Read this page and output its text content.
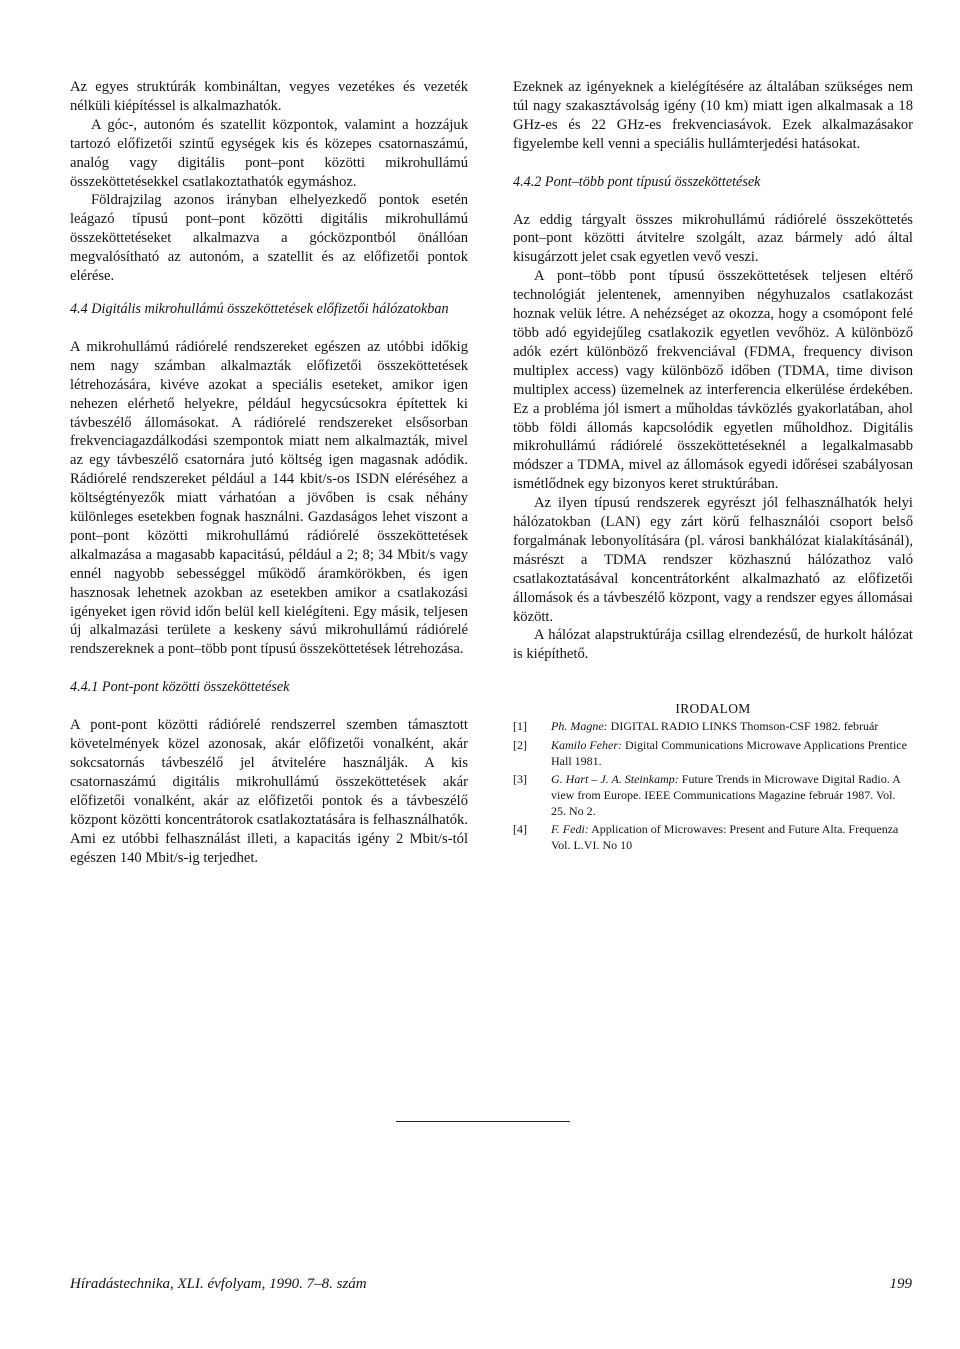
Az egyes struktúrák kombináltan, vegyes vezetékes és vezeték nélküli kiépítéssel is alkalmazhatók.

A góc-, autonóm és szatellit központok, valamint a hozzájuk tartozó előfizetői szintű egységek kis és közepes csatornaszámú, analóg vagy digitális pont–pont közötti mikrohullámú összeköttetésekkel csatlakoztathatók egymáshoz.

Földrajzilag azonos irányban elhelyezkedő pontok esetén leágazó típusú pont–pont közötti digitális mikrohullámú összeköttetéseket alkalmazva a gócközpontból önállóan megvalósítható az autonóm, a szatellit és az előfizetői pontok elérése.

4.4 Digitális mikrohullámú összeköttetések előfizetői hálózatokban

A mikrohullámú rádiórelé rendszereket egészen az utóbbi időkig nem nagy számban alkalmazták előfizetői összeköttetések létrehozására, kivéve azokat a speciális eseteket, amikor igen nehezen elérhető helyekre, például hegycsúcsokra építettek ki távbeszélő állomásokat. A rádiórelé rendszereket elsősorban frekvenciagazdálkodási szempontok miatt nem alkalmazták, mivel az egy távbeszélő csatornára jutó költség igen magasnak adódik. Rádiórelé rendszereket például a 144 kbit/s-os ISDN eléréséhez a költségtényezők miatt várhatóan a jövőben is csak néhány különleges esetekben fognak használni. Gazdaságos lehet viszont a pont–pont közötti mikrohullámú rádiórelé összeköttetések alkalmazása a magasabb kapacitású, például a 2; 8; 34 Mbit/s vagy ennél nagyobb sebességgel működő áramkörökben, és igen hasznosak lehetnek azokban az esetekben amikor a csatlakozási igényeket igen rövid időn belül kell kielégíteni. Egy másik, teljesen új alkalmazási területe a keskeny sávú mikrohullámú rádiórelé rendszereknek a pont–több pont típusú összeköttetések létrehozása.

4.4.1 Pont-pont közötti összeköttetések

A pont-pont közötti rádiórelé rendszerrel szemben támasztott követelmények közel azonosak, akár előfizetői vonalként, akár sokcsatornás távbeszélő jel átvitelére használják. A kis csatornaszámú digitális mikrohullámú összeköttetések akár előfizetői vonalként, akár az előfizetői pontok és a távbeszélő központ közötti koncentrátorok csatlakoztatására is felhasználhatók. Ami ez utóbbi felhasználást illeti, a kapacitás igény 2 Mbit/s-tól egészen 140 Mbit/s-ig terjedhet.

Ezeknek az igényeknek a kielégítésére az általában szükséges nem túl nagy szakasztávolság igény (10 km) miatt igen alkalmasak a 18 GHz-es és 22 GHz-es frekvenciasávok. Ezek alkalmazásakor figyelembe kell venni a speciális hullámterjedési hatásokat.

4.4.2 Pont–több pont típusú összeköttetések

Az eddig tárgyalt összes mikrohullámú rádiórelé összeköttetés pont–pont közötti átvitelre szolgált, azaz bármely adó által kisugárzott jelet csak egyetlen vevő veszi.

A pont–több pont típusú összeköttetések teljesen eltérő technológiát jelentenek, amennyiben négyhuzalos csatlakozást hoznak velük létre. A nehézséget az okozza, hogy a csomópont felé több adó egyidejűleg csatlakozik egyetlen vevőhöz. A különböző adók ezért különböző frekvenciával (FDMA, frequency divison multiplex access) vagy különböző időben (TDMA, time divison multiplex access) üzemelnek az interferencia elkerülése érdekében. Ez a probléma jól ismert a műholdas távközlés gyakorlatában, ahol több földi állomás kapcsolódik egyetlen műholdhoz. Digitális mikrohullámú rádiórelé összeköttetéseknél a legalkalmasabb módszer a TDMA, mivel az állomások egyedi időrései szabályosan ismétlődnek egy bizonyos keret struktúrában.

Az ilyen típusú rendszerek egyrészt jól felhasználhatók helyi hálózatokban (LAN) egy zárt körű felhasználói csoport belső forgalmának lebonyolítására (pl. városi bankhálózat kialakításánál), másrészt a TDMA rendszer közhasznú hálózathoz való csatlakoztatásával koncentrátorként alkalmazható az előfizetői állomások és a távbeszélő központ, vagy a rendszer egyes állomásai között.

A hálózat alapstruktúrája csillag elrendezésű, de hurkolt hálózat is kiépíthető.

IRODALOM

[1]	Ph. Magne: DIGITAL RADIO LINKS Thomson-CSF 1982. február
[2]	Kamilo Feher: Digital Communications Microwave Applications Prentice Hall 1981.
[3]	G. Hart – J. A. Steinkamp: Future Trends in Microwave Digital Radio. A view from Europe. IEEE Communications Magazine február 1987. Vol. 25. No 2.
[4]	F. Fedi: Application of Microwaves: Present and Future Alta. Frequenza Vol. L.VI. No 10
Híradástechnika, XLI. évfolyam, 1990. 7–8. szám	199
